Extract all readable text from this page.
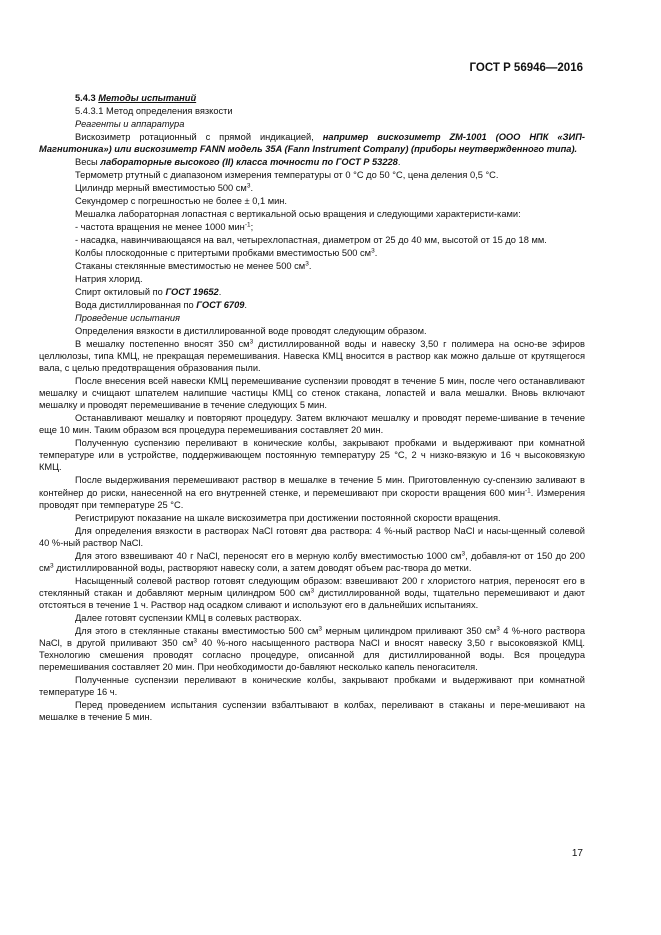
ГОСТ Р 56946—2016

5.4.3 Методы испытаний

5.4.3.1 Метод определения вязкости

Реагенты и аппаратура

Вискозиметр ротационный с прямой индикацией, например вискозиметр ZM-1001 (ООО НПК «ЗИП-Магнитоника») или вискозиметр FANN модель 35A (Fann Instrument Company) (приборы неутвержденного типа).

Весы лабораторные высокого (II) класса точности по ГОСТ Р 53228.

Термометр ртутный с диапазоном измерения температуры от 0 °С до 50 °С, цена деления 0,5 °С.

Цилиндр мерный вместимостью 500 $см^3$.

Секундомер с погрешностью не более ± 0,1 мин.

Мешалка лабораторная лопастная с вертикальной осью вращения и следующими характеристи-ками:

- частота вращения не менее 1000 мин$^{-1}$;

- насадка, навинчивающаяся на вал, четырехлопастная, диаметром от 25 до 40 мм, высотой от 15 до 18 мм.

Колбы плоскодонные с притертыми пробками вместимостью 500 $см^3$.

Стаканы стеклянные вместимостью не менее 500 $см^3$.

Натрия хлорид.

Спирт октиловый по ГОСТ 19652.

Вода дистиллированная по ГОСТ 6709.

Проведение испытания

Определения вязкости в дистиллированной воде проводят следующим образом.

В мешалку постепенно вносят 350 $см^3$ дистиллированной воды и навеску 3,50 г полимера на осно-ве эфиров целлюлозы, типа КМЦ, не прекращая перемешивания. Навеска КМЦ вносится в раствор как можно дальше от крутящегося вала, с целью предотвращения образования пыли.

После внесения всей навески КМЦ перемешивание суспензии проводят в течение 5 мин, после чего останавливают мешалку и счищают шпателем налипшие частицы КМЦ со стенок стакана, лопастей и вала мешалки. Вновь включают мешалку и проводят перемешивание в течение следующих 5 мин.

Останавливают мешалку и повторяют процедуру. Затем включают мешалку и проводят переме-шивание в течение еще 10 мин. Таким образом вся процедура перемешивания составляет 20 мин.

Полученную суспензию переливают в конические колбы, закрывают пробками и выдерживают при комнатной температуре или в устройстве, поддерживающем постоянную температуру 25 °С, 2 ч низко-вязкую и 16 ч высоковязкую КМЦ.

После выдерживания перемешивают раствор в мешалке в течение 5 мин. Приготовленную су-спензию заливают в контейнер до риски, нанесенной на его внутренней стенке, и перемешивают при скорости вращения 600 мин$^{-1}$. Измерения проводят при температуре 25 °С.

Регистрируют показание на шкале вискозиметра при достижении постоянной скорости вращения.

Для определения вязкости в растворах NaCl готовят два раствора: 4 %-ный раствор NaCl и насы-щенный солевой 40 %-ный раствор NaCl.

Для этого взвешивают 40 г NaCl, переносят его в мерную колбу вместимостью 1000 $см^3$, добавля-ют от 150 до 200 $см^3$ дистиллированной воды, растворяют навеску соли, а затем доводят объем рас-твора до метки.

Насыщенный солевой раствор готовят следующим образом: взвешивают 200 г хлористого натрия, переносят его в стеклянный стакан и добавляют мерным цилиндром 500 $см^3$ дистиллированной воды, тщательно перемешивают и дают отстояться в течение 1 ч. Раствор над осадком сливают и используют его в дальнейших испытаниях.

Далее готовят суспензии КМЦ в солевых растворах.

Для этого в стеклянные стаканы вместимостью 500 $см^3$ мерным цилиндром приливают 350 $см^3$ 4 %-ного раствора NaCl, в другой приливают 350 $см^3$ 40 %-ного насыщенного раствора NaCl и вносят навеску 3,50 г высоковязкой КМЦ. Технологию смешения проводят согласно процедуре, описанной для дистиллированной воды. Вся процедура перемешивания составляет 20 мин. При необходимости до-бавляют несколько капель пеногасителя.

Полученные суспензии переливают в конические колбы, закрывают пробками и выдерживают при комнатной температуре 16 ч.

Перед проведением испытания суспензии взбалтывают в колбах, переливают в стаканы и пере-мешивают на мешалке в течение 5 мин.

17
